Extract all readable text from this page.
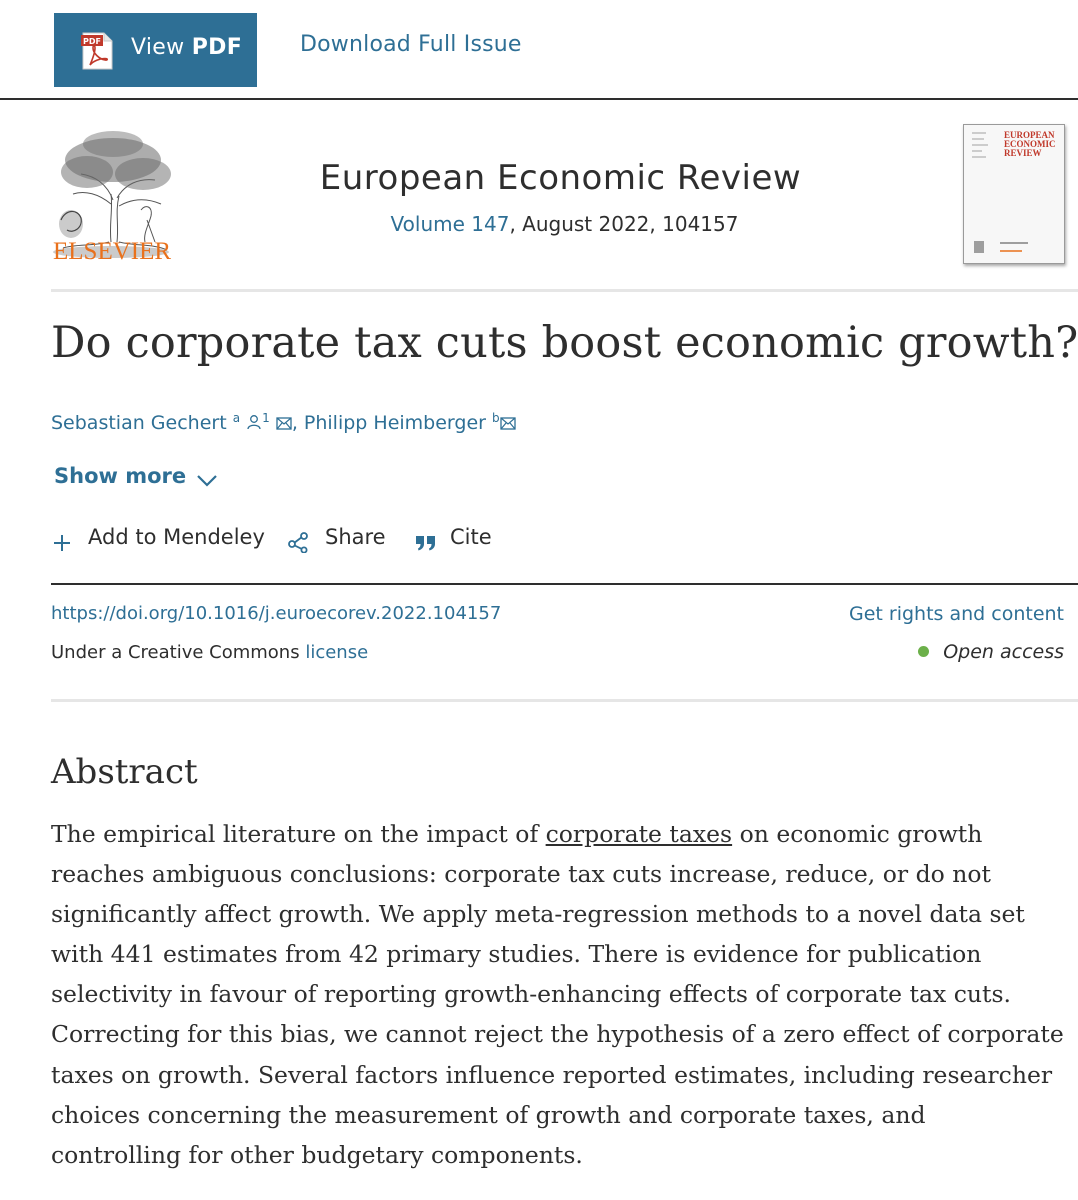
PDF View PDF	Download Full Issue
ELSEVIER
European Economic Review
Volume 147, August 2022, 104157
EUROPEAN
ECONOMIC
REVIEW
Do corporate tax cuts boost economic growth?
Sebastian Gechert $^a$ $^1$ , Philipp Heimberger $^b$
Show more
Add to Mendeley	Share	Cite
https://doi.org/10.1016/j.euroecorev.2022.104157	Get rights and content
Under a Creative Commons license	Open access
Abstract
The empirical literature on the impact of corporate taxes on economic growth
reaches ambiguous conclusions: corporate tax cuts increase, reduce, or do not
significantly affect growth. We apply meta-regression methods to a novel data set
with 441 estimates from 42 primary studies. There is evidence for publication
selectivity in favour of reporting growth-enhancing effects of corporate tax cuts.
Correcting for this bias, we cannot reject the hypothesis of a zero effect of corporate
taxes on growth. Several factors influence reported estimates, including researcher
choices concerning the measurement of growth and corporate taxes, and
controlling for other budgetary components.
